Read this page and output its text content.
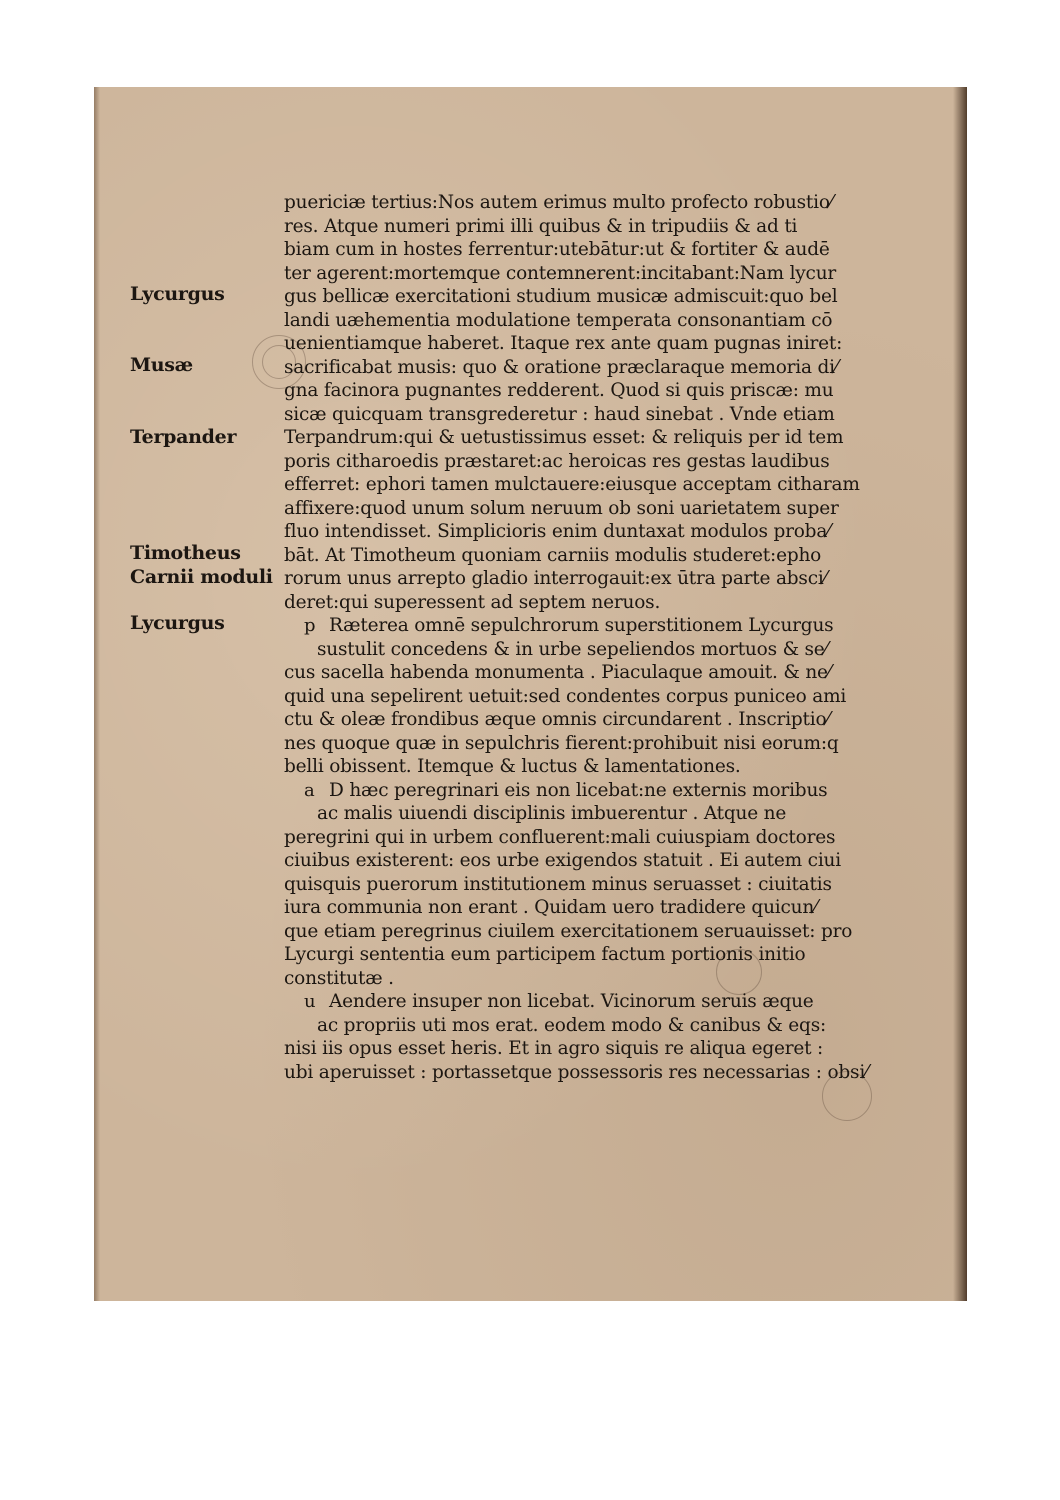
Lycurgus
Musæ
Terpander
Timotheus
Carnii moduli
Lycurgus
puericiæ tertius:Nos autem erimus multo profecto robustio⁄
res. Atque numeri primi illi quibus & in tripudiis & ad ti
biam cum in hostes ferrentur:utebātur:ut & fortiter & audē
ter agerent:mortemque contemnerent:incitabant:Nam lycur
gus bellicæ exercitationi studium musicæ admiscuit:quo bel
landi uæhementia modulatione temperata consonantiam cō
uenientiamque haberet. Itaque rex ante quam pugnas iniret:
sacrificabat musis: quo & oratione præclaraque memoria di⁄
gna facinora pugnantes redderent. Quod si quis priscæ: mu
sicæ quicquam transgrederetur : haud sinebat . Vnde etiam
Terpandrum:qui & uetustissimus esset: & reliquis per id tem
poris citharoedis præstaret:ac heroicas res gestas laudibus
efferret: ephori tamen mulctauere:eiusque acceptam citharam
affixere:quod unum solum neruum ob soni uarietatem super
fluo intendisset. Simplicioris enim duntaxat modulos proba⁄
bāt. At Timotheum quoniam carniis modulis studeret:epho
rorum unus arrepto gladio interrogauit:ex ūtra parte absci⁄
deret:qui superessent ad septem neruos.
p Ræterea omnē sepulchrorum superstitionem Lycurgus
sustulit concedens & in urbe sepeliendos mortuos & se⁄
cus sacella habenda monumenta . Piaculaque amouit. & ne⁄
quid una sepelirent uetuit:sed condentes corpus puniceo ami
ctu & oleæ frondibus æque omnis circundarent . Inscriptio⁄
nes quoque quæ in sepulchris fierent:prohibuit nisi eorum:q
belli obissent. Itemque & luctus & lamentationes.
a D hæc peregrinari eis non licebat:ne externis moribus
ac malis uiuendi disciplinis imbuerentur . Atque ne
peregrini qui in urbem confluerent:mali cuiuspiam doctores
ciuibus existerent: eos urbe exigendos statuit . Ei autem ciui
quisquis puerorum institutionem minus seruasset : ciuitatis
iura communia non erant . Quidam uero tradidere quicun⁄
que etiam peregrinus ciuilem exercitationem seruauisset: pro
Lycurgi sententia eum participem factum portionis initio
constitutæ .
u Aendere insuper non licebat. Vicinorum seruis æque
ac propriis uti mos erat. eodem modo & canibus & eqs:
nisi iis opus esset heris. Et in agro siquis re aliqua egeret :
ubi aperuisset : portassetque possessoris res necessarias : obsi⁄
